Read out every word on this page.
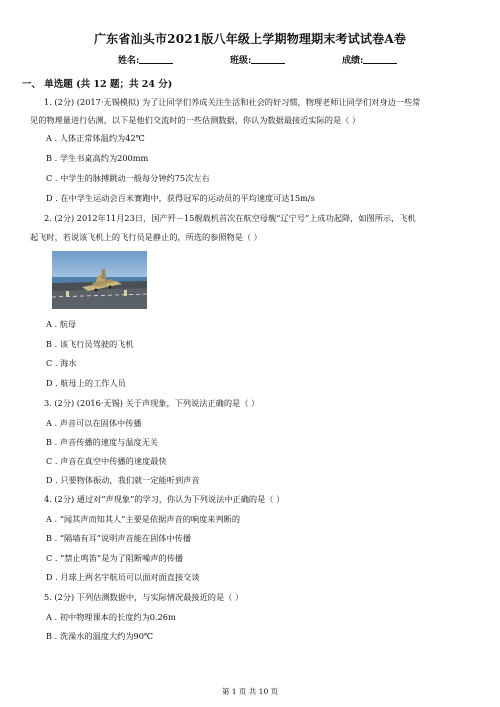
广东省汕头市2021版八年级上学期物理期末考试试卷A卷
姓名:	班级:	成绩:
一、 单选题 (共 12 题；共 24 分)
1. (2分) (2017·无锡模拟) 为了让同学们养成关注生活和社会的好习惯，物理老师让同学们对身边一些常
见的物理量进行估测，以下是他们交流时的一些估测数据，你认为数据最接近实际的是（ ）
A . 人体正常体温约为42℃
B . 学生书桌高约为200mm
C . 中学生的脉搏跳动一般每分钟约75次左右
D . 在中学生运动会百米赛跑中，获得冠军的运动员的平均速度可达15m/s
2. (2分) 2012年11月23日，国产歼－15舰载机首次在航空母舰“辽宁号”上成功起降，如图所示，飞机
起飞时，若说该飞机上的飞行员是静止的，所选的参照物是（ ）
A . 航母
B . 该飞行员驾驶的飞机
C . 海水
D . 航母上的工作人员
3. (2分) (2016·无锡) 关于声现象，下列说法正确的是（ ）
A . 声音可以在固体中传播
B . 声音传播的速度与温度无关
C . 声音在真空中传播的速度最快
D . 只要物体振动，我们就一定能听到声音
4. (2分) 通过对“声现象”的学习，你认为下列说法中正确的是（ ）
A . “闻其声而知其人”主要是依据声音的响度来判断的
B . “隔墙有耳”说明声音能在固体中传播
C . “禁止鸣笛”是为了阻断噪声的传播
D . 月球上两名宇航员可以面对面直接交谈
5. (2分) 下列估测数据中，与实际情况最接近的是（ ）
A . 初中物理课本的长度约为0.26m
B . 洗澡水的温度大约为90℃
第 1 页 共 10 页
